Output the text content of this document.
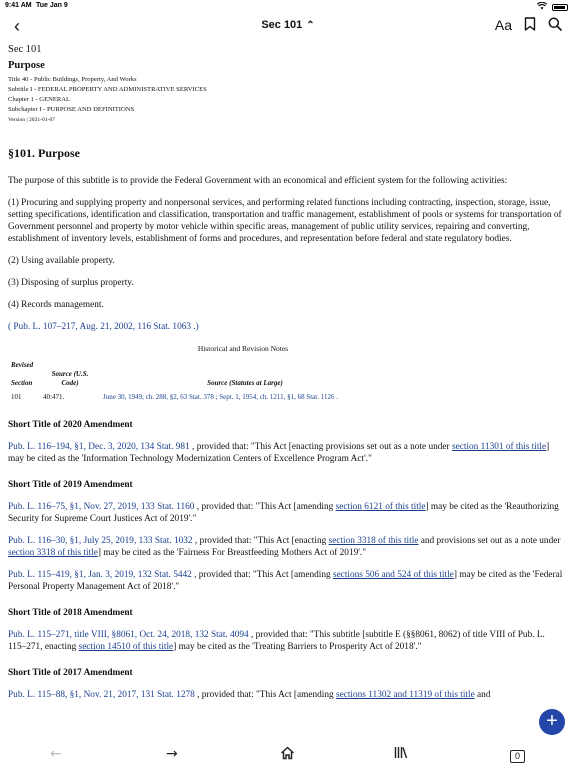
9:41 AM Tue Jan 9
‹	Sec 101 ⌃	Aa
Sec 101
Purpose
Title 40 - Public Buildings, Property, And Works
Subtitle I - FEDERAL PROPERTY AND ADMINISTRATIVE SERVICES
Chapter 1 - GENERAL
Subchapter I - PURPOSE AND DEFINITIONS
Version | 2021-01-07
§101. Purpose

The purpose of this subtitle is to provide the Federal Government with an economical and efficient system for the following activities:

(1) Procuring and supplying property and nonpersonal services, and performing related functions including contracting, inspection, storage, issue, setting specifications, identification and classification, transportation and traffic management, establishment of pools or systems for transportation of Government personnel and property by motor vehicle within specific areas, management of public utility services, repairing and converting, establishment of inventory levels, establishment of forms and procedures, and representation before federal and state regulatory bodies.

(2) Using available property.

(3) Disposing of surplus property.

(4) Records management.

( Pub. L. 107–217, Aug. 21, 2002, 116 Stat. 1063 .)

Historical and Revision Notes
Revised

Section	Source (U.S. Code)	Source (Statutes at Large)
101	40:471.	June 30, 1949, ch. 288, §2, 63 Stat. 378 ; Sept. 1, 1954, ch. 1211, §1, 68 Stat. 1126 .
Short Title of 2020 Amendment

Pub. L. 116–194, §1, Dec. 3, 2020, 134 Stat. 981 , provided that: "This Act [enacting provisions set out as a note under section 11301 of this title] may be cited as the 'Information Technology Modernization Centers of Excellence Program Act'."

Short Title of 2019 Amendment

Pub. L. 116–75, §1, Nov. 27, 2019, 133 Stat. 1160 , provided that: "This Act [amending section 6121 of this title] may be cited as the 'Reauthorizing Security for Supreme Court Justices Act of 2019'."

Pub. L. 116–30, §1, July 25, 2019, 133 Stat. 1032 , provided that: "This Act [enacting section 3318 of this title and provisions set out as a note under section 3318 of this title] may be cited as the 'Fairness For Breastfeeding Mothers Act of 2019'."

Pub. L. 115–419, §1, Jan. 3, 2019, 132 Stat. 5442 , provided that: "This Act [amending sections 506 and 524 of this title] may be cited as the 'Federal Personal Property Management Act of 2018'."

Short Title of 2018 Amendment

Pub. L. 115–271, title VIII, §8061, Oct. 24, 2018, 132 Stat. 4094 , provided that: "This subtitle [subtitle E (§§8061, 8062) of title VIII of Pub. L. 115–271, enacting section 14510 of this title] may be cited as the 'Treating Barriers to Prosperity Act of 2018'."

Short Title of 2017 Amendment

Pub. L. 115–88, §1, Nov. 21, 2017, 131 Stat. 1278 , provided that: "This Act [amending sections 11302 and 11319 of this title and

+
←	→	0
